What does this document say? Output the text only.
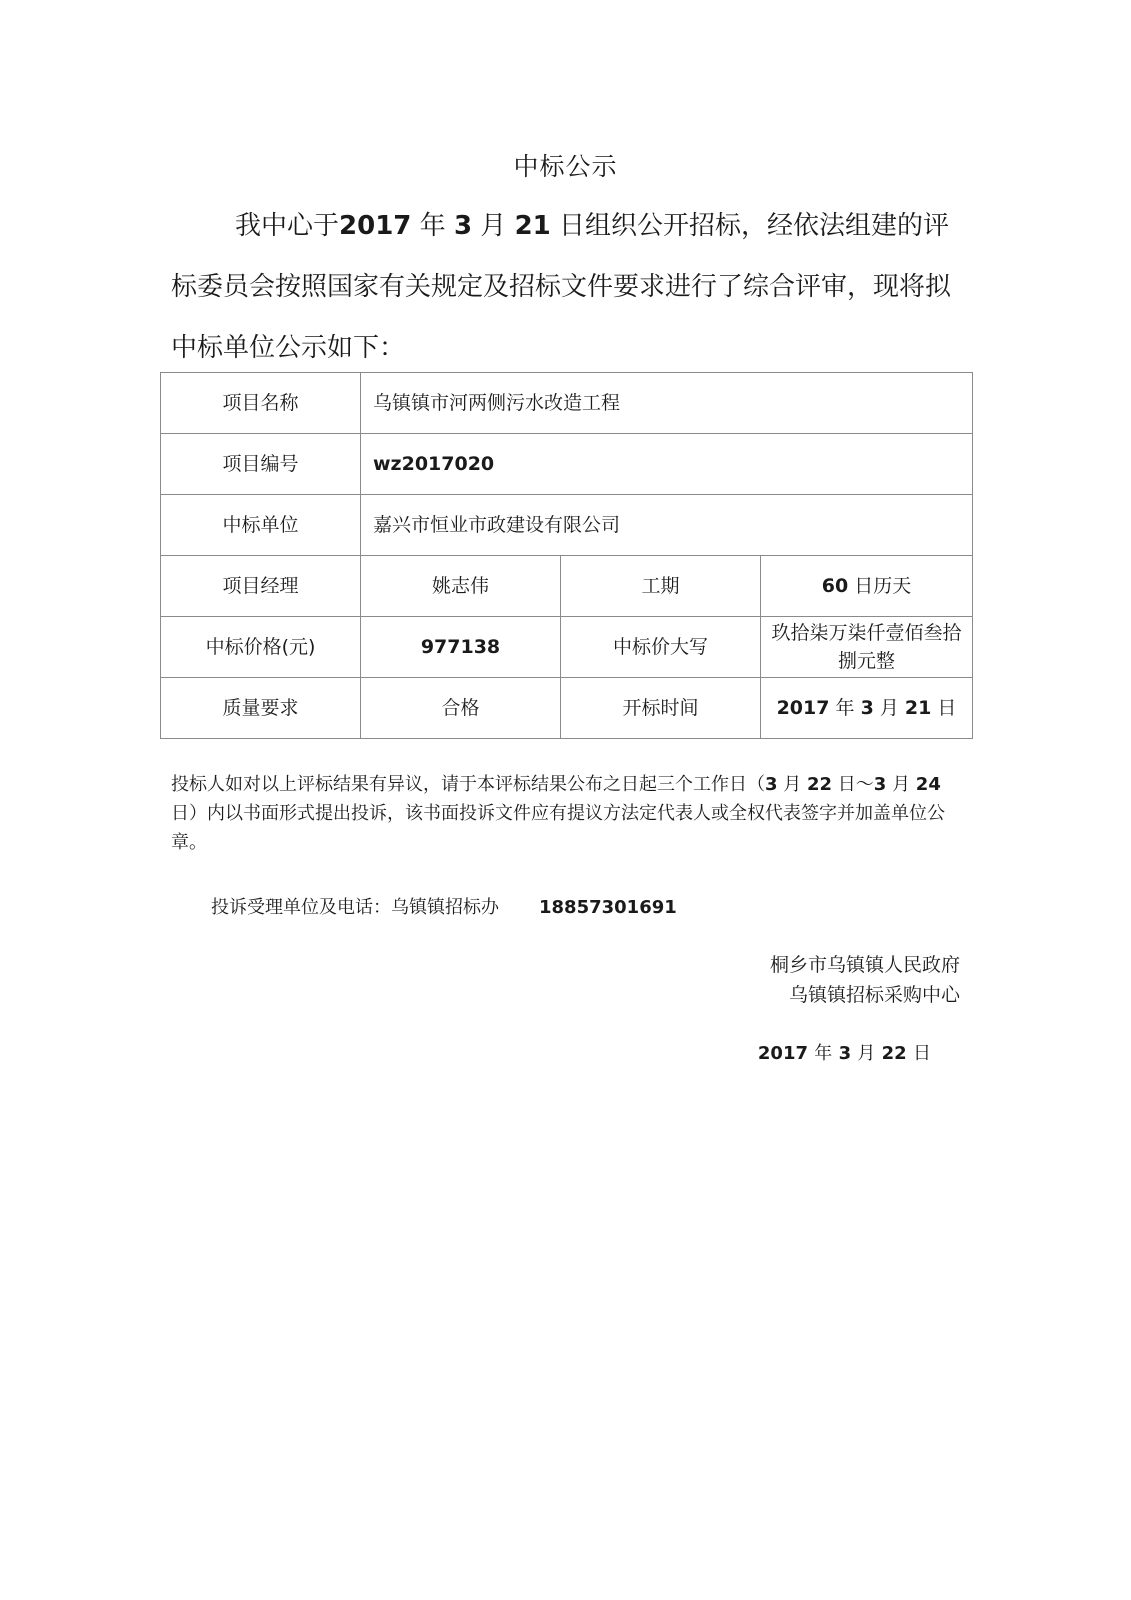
中标公示

我中心于2017 年 3 月 21 日组织公开招标，经依法组建的评标委员会按照国家有关规定及招标文件要求进行了综合评审，现将拟中标单位公示如下：

项目名称	乌镇镇市河两侧污水改造工程		
项目编号	wz2017020		
中标单位	嘉兴市恒业市政建设有限公司		
项目经理	姚志伟	工期	60 日历天
中标价格(元)	977138	中标价大写	玖拾柒万柒仟壹佰叁拾捌元整
质量要求	合格	开标时间	2017 年 3 月 21 日

投标人如对以上评标结果有异议，请于本评标结果公布之日起三个工作日（3 月 22 日～3 月 24 日）内以书面形式提出投诉，该书面投诉文件应有提议方法定代表人或全权代表签字并加盖单位公章。

投诉受理单位及电话：乌镇镇招标办 18857301691
桐乡市乌镇镇人民政府
乌镇镇招标采购中心
2017 年 3 月 22 日
